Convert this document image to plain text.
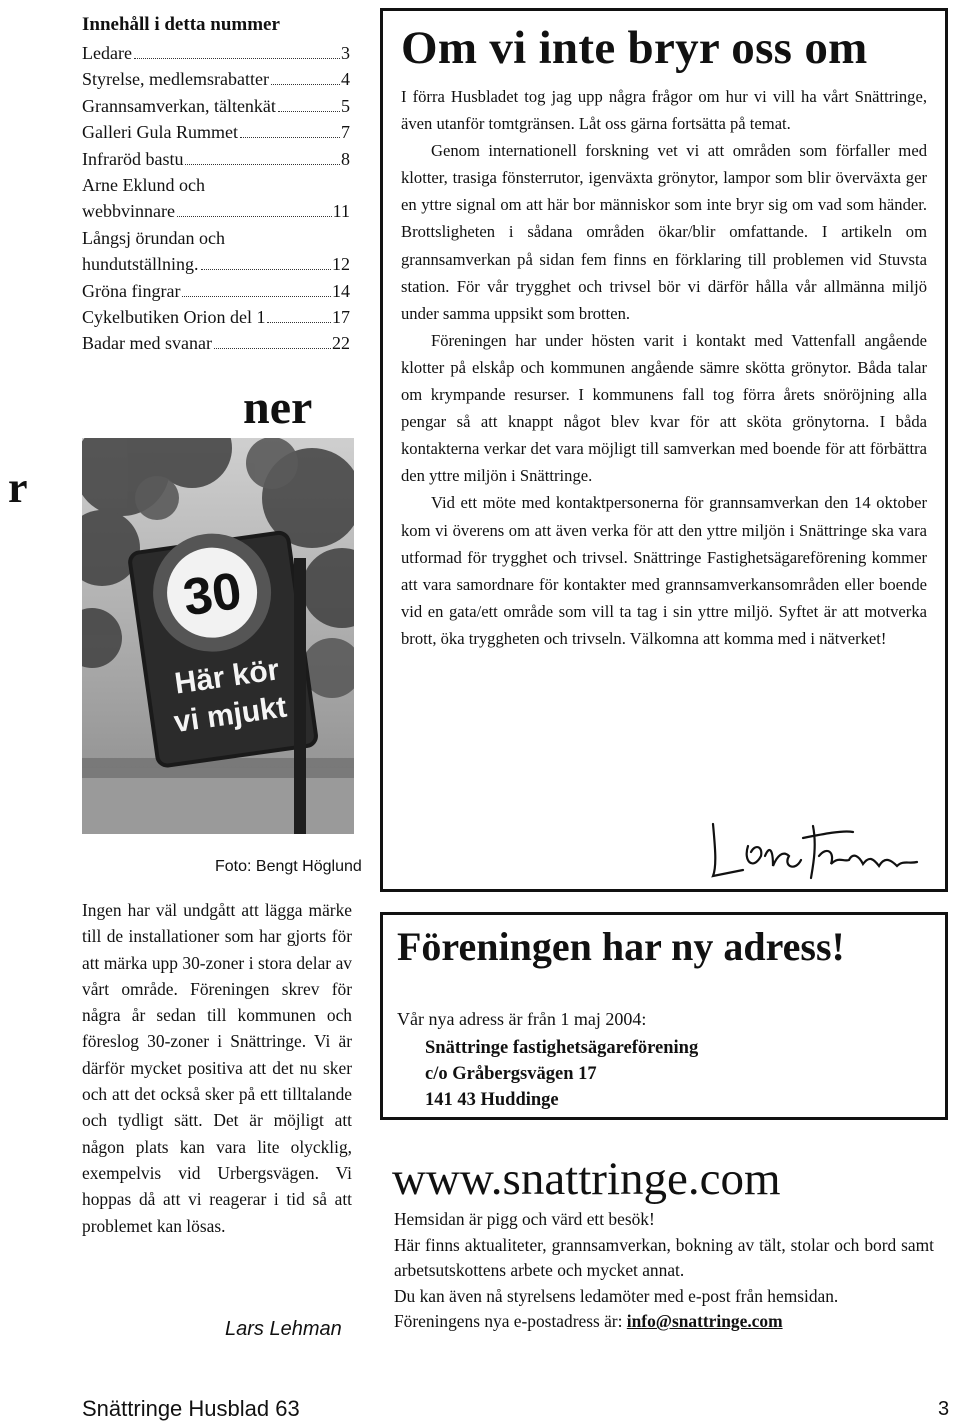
Innehåll i detta nummer
Ledare	3
Styrelse, medlemsrabatter	4
Grannsamverkan, tältenkät	5
Galleri Gula Rummet	7
Infraröd bastu	8
Arne Eklund och
webbvinnare	11
Långsj örundan och
hundutställning.	12
Gröna fingrar	14
Cykelbutiken Orion del 1	17
Badar med svanar	22
ner
r
30
Här kör
vi mjukt
Foto: Bengt Höglund
Ingen har väl undgått att lägga märke till de installationer som har gjorts för att märka upp 30-zoner i stora delar av vårt område. Föreningen skrev för några år sedan till kommunen och föreslog 30-zoner i Snättringe. Vi är därför mycket positiva att det nu sker och att det också sker på ett tilltalande och tydligt sätt. Det är möjligt att någon plats kan vara lite olycklig, exempelvis vid Urbergsvägen. Vi hoppas då att vi reagerar i tid så att problemet kan lösas.
Lars Lehman
Om vi inte bryr oss om

I förra Husbladet tog jag upp några frågor om hur vi vill ha vårt Snättringe, även utanför tomtgränsen. Låt oss gärna fortsätta på temat.

Genom internationell forskning vet vi att områden som förfaller med klotter, trasiga fönsterrutor, igenväxta grönytor, lampor som blir överväxta ger en yttre signal om att här bor människor som inte bryr sig om vad som händer. Brottsligheten i sådana områden ökar/blir omfattande. I artikeln om grannsamverkan på sidan fem finns en förklaring till problemen vid Stuvsta station. För vår trygghet och trivsel bör vi därför hålla vår allmänna miljö under samma uppsikt som brotten.

Föreningen har under hösten varit i kontakt med Vattenfall angående klotter på elskåp och kommunen angående sämre skötta grönytor. Båda talar om krympande resurser. I kommunens fall tog förra årets snöröjning alla pengar så att knappt något blev kvar för att sköta grönytorna. I båda kontakterna verkar det vara möjligt till samverkan med boende för att förbättra den yttre miljön i Snättringe.

Vid ett möte med kontaktpersonerna för grannsamverkan den 14 oktober kom vi överens om att även verka för att den yttre miljön i Snättringe ska vara utformad för trygghet och trivsel. Snättringe Fastighetsägareförening kommer att vara samordnare för kontakter med grannsamverkansområden eller boende vid en gata/ett område som vill ta tag i sin yttre miljö. Syftet är att motverka brott, öka tryggheten och trivseln. Välkomna att komma med i nätverket!

Föreningen har ny adress!
Vår nya adress är från 1 maj 2004:
Snättringe fastighetsägareförening
c/o Gråbergsvägen 17
141 43 Huddinge
www.snattringe.com
Hemsidan är pigg och värd ett besök!
Här finns aktualiteter, grannsamverkan, bokning av tält, stolar och bord samt arbetsutskottens arbete och mycket annat.
Du kan även nå styrelsens ledamöter med e-post från hemsidan.
Föreningens nya e-postadress är: info@snattringe.com
Snättringe Husblad 63	3
